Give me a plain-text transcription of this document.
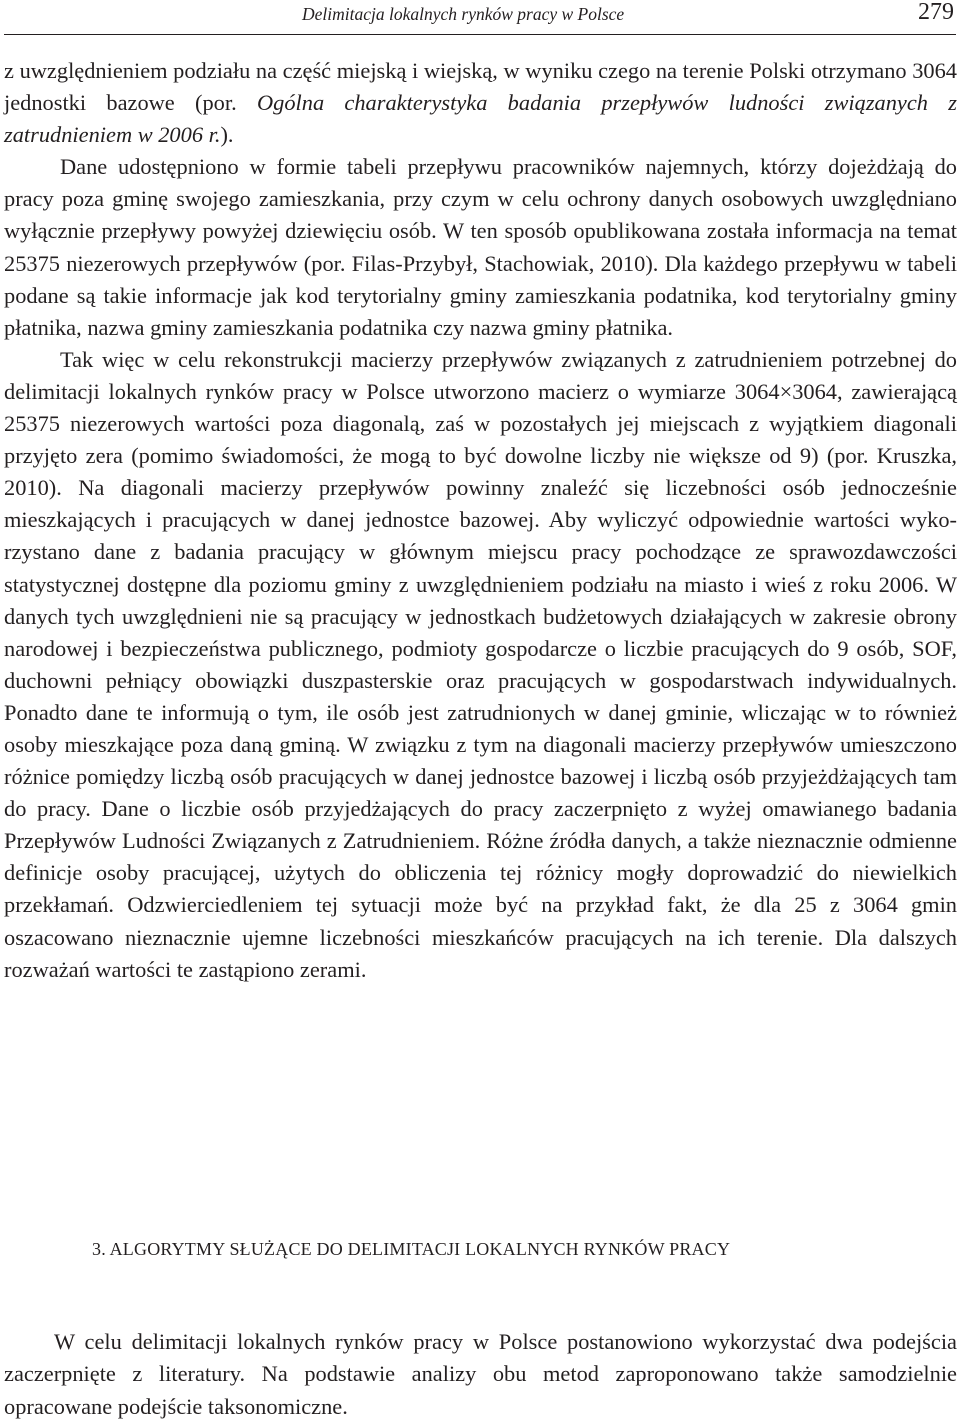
Delimitacja lokalnych rynków pracy w Polsce	279

z uwzględnieniem podziału na część miejską i wiejską, w wyniku czego na terenie Polski otrzymano 3064 jednostki bazowe (por. Ogólna charakterystyka badania przepływów ludności związanych z zatrudnieniem w 2006 r.).

Dane udostępniono w formie tabeli przepływu pracowników najemnych, którzy dojeżdżają do pracy poza gminę swojego zamieszkania, przy czym w celu ochrony danych osobowych uwzględniano wyłącznie przepływy powyżej dziewięciu osób. W ten sposób opublikowana została informacja na temat 25375 niezerowych przepływów (por. Filas-Przybył, Stachowiak, 2010). Dla każdego przepływu w tabeli podane są takie informacje jak kod terytorialny gminy zamieszkania podatnika, kod terytorialny gminy płatnika, nazwa gminy zamieszkania podatnika czy nazwa gminy płatnika.

Tak więc w celu rekonstrukcji macierzy przepływów związanych z zatrudnieniem potrzebnej do delimitacji lokalnych rynków pracy w Polsce utworzono macierz o wymiarze 3064×3064, zawierającą 25375 niezerowych wartości poza diagonalą, zaś w pozostałych jej miejscach z wyjątkiem diagonali przyjęto zera (pomimo świadomości, że mogą to być dowolne liczby nie większe od 9) (por. Kruszka, 2010). Na diagonali macierzy przepływów powinny znaleźć się liczebności osób jednocześnie mieszkających i pracujących w danej jednostce bazowej. Aby wyliczyć odpowiednie wartości wykorzystano dane z badania pracujący w głównym miejscu pracy pochodzące ze sprawozdawczości statystycznej dostępne dla poziomu gminy z uwzględnieniem podziału na miasto i wieś z roku 2006. W danych tych uwzględnieni nie są pracujący w jednostkach budżetowych działających w zakresie obrony narodowej i bezpieczeństwa publicznego, podmioty gospodarcze o liczbie pracujących do 9 osób, SOF, duchowni pełniący obowiązki duszpasterskie oraz pracujących w gospodarstwach indywidualnych. Ponadto dane te informują o tym, ile osób jest zatrudnionych w danej gminie, wliczając w to również osoby mieszkające poza daną gminą. W związku z tym na diagonali macierzy przepływów umieszczono różnice pomiędzy liczbą osób pracujących w danej jednostce bazowej i liczbą osób przyjeżdżających tam do pracy. Dane o liczbie osób przyjedżających do pracy zaczerpnięto z wyżej omawianego badania Przepływów Ludności Związanych z Zatrudnieniem. Różne źródła danych, a także nieznacznie odmienne definicje osoby pracującej, użytych do obliczenia tej różnicy mogły doprowadzić do niewielkich przekłamań. Odzwierciedleniem tej sytuacji może być na przykład fakt, że dla 25 z 3064 gmin oszacowano nieznacznie ujemne liczebności mieszkańców pracujących na ich terenie. Dla dalszych rozważań wartości te zastąpiono zerami.

3. ALGORYTMY SŁUŻĄCE DO DELIMITACJI LOKALNYCH RYNKÓW PRACY

W celu delimitacji lokalnych rynków pracy w Polsce postanowiono wykorzystać dwa podejścia zaczerpnięte z literatury. Na podstawie analizy obu metod zaproponowano także samodzielnie opracowane podejście taksonomiczne.
